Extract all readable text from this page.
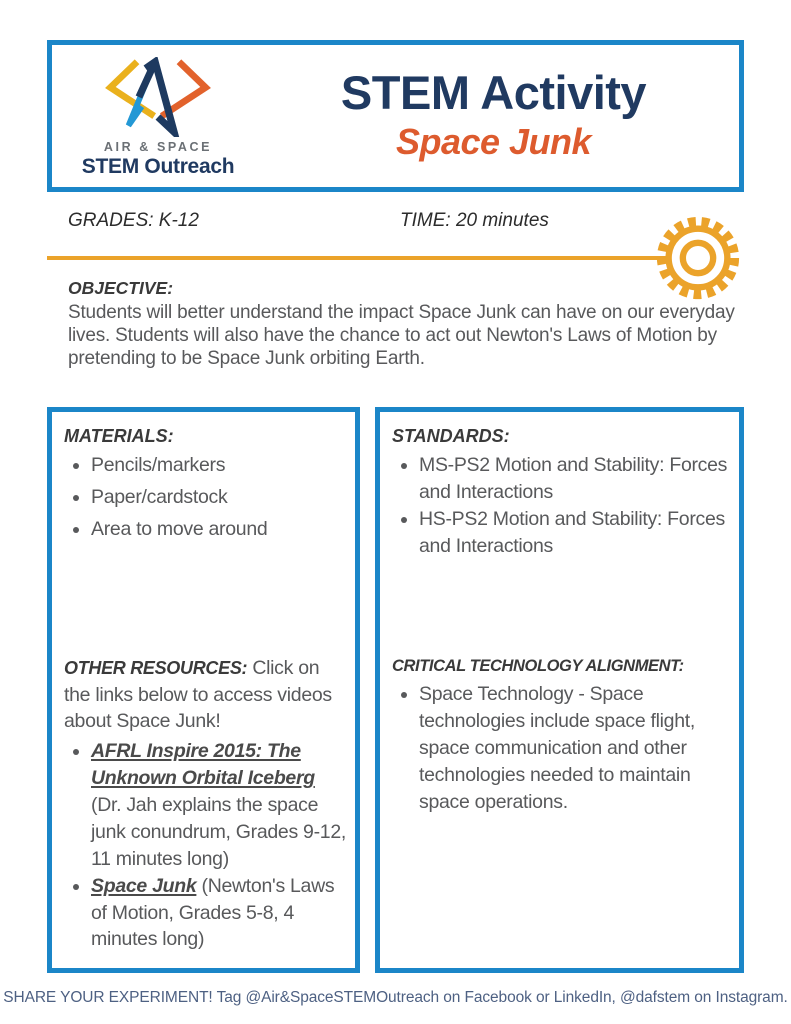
AIR & SPACE
STEM Outreach
STEM Activity
Space Junk
GRADES: K-12	TIME: 20 minutes
OBJECTIVE:
Students will better understand the impact Space Junk can have on our everyday lives. Students will also have the chance to act out Newton's Laws of Motion by pretending to be Space Junk orbiting Earth.
MATERIALS:
• Pencils/markers
• Paper/cardstock
• Area to move around
OTHER RESOURCES: Click on the links below to access videos about Space Junk!
• AFRL Inspire 2015: The Unknown Orbital Iceberg (Dr. Jah explains the space junk conundrum, Grades 9-12, 11 minutes long)
• Space Junk (Newton's Laws of Motion, Grades 5-8, 4 minutes long)
STANDARDS:
• MS-PS2 Motion and Stability: Forces and Interactions
• HS-PS2 Motion and Stability: Forces and Interactions
CRITICAL TECHNOLOGY ALIGNMENT:
• Space Technology - Space technologies include space flight, space communication and other technologies needed to maintain space operations.
SHARE YOUR EXPERIMENT! Tag @Air&SpaceSTEMOutreach on Facebook or LinkedIn, @dafstem on Instagram.
